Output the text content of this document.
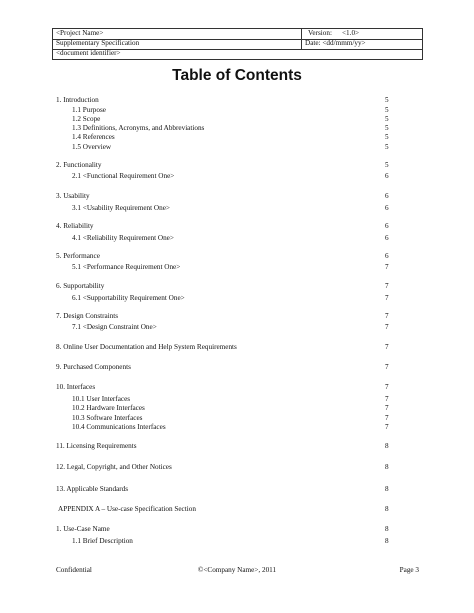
<Project Name>	Version: <1.0>
Supplementary Specification	Date: <dd/mmm/yy>
<document identifier>
Table of Contents
1. Introduction	5
1.1 Purpose	5
1.2 Scope	5
1.3 Definitions, Acronyms, and Abbreviations	5
1.4 References	5
1.5 Overview	5
2. Functionality	5
2.1 <Functional Requirement One>	6
3. Usability	6
3.1 <Usability Requirement One>	6
4. Reliability	6
4.1 <Reliability Requirement One>	6
5. Performance	6
5.1 <Performance Requirement One>	7
6. Supportability	7
6.1 <Supportability Requirement One>	7
7. Design Constraints	7
7.1 <Design Constraint One>	7
8. Online User Documentation and Help System Requirements	7
9. Purchased Components	7
10. Interfaces	7
10.1 User Interfaces	7
10.2 Hardware Interfaces	7
10.3 Software Interfaces	7
10.4 Communications Interfaces	7
11. Licensing Requirements	8
12. Legal, Copyright, and Other Notices	8
13. Applicable Standards	8
APPENDIX A – Use-case Specification Section	8
1. Use-Case Name	8
1.1 Brief Description	8
Confidential	©<Company Name>, 2011	Page 3
